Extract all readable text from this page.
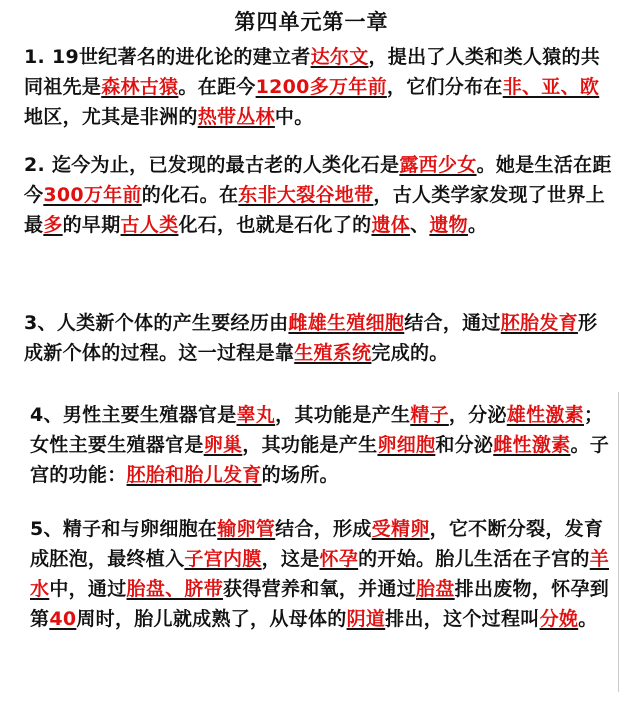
第四单元第一章
1. 19世纪著名的进化论的建立者达尔文，提出了人类和类人猿的共同祖先是森林古猿。在距今1200多万年前，它们分布在非、亚、欧地区，尤其是非洲的热带丛林中。
2. 迄今为止，已发现的最古老的人类化石是露西少女。她是生活在距今300万年前的化石。在东非大裂谷地带，古人类学家发现了世界上最多的早期古人类化石，也就是石化了的遗体、遗物。
3、人类新个体的产生要经历由雌雄生殖细胞结合，通过胚胎发育形成新个体的过程。这一过程是靠生殖系统完成的。
4、男性主要生殖器官是睾丸，其功能是产生精子，分泌雄性激素；女性主要生殖器官是卵巢，其功能是产生卵细胞和分泌雌性激素。子宫的功能：胚胎和胎儿发育的场所。
5、精子和与卵细胞在输卵管结合，形成受精卵，它不断分裂，发育成胚泡，最终植入子宫内膜，这是怀孕的开始。胎儿生活在子宫的羊水中，通过胎盘、脐带获得营养和氧，并通过胎盘排出废物，怀孕到第40周时，胎儿就成熟了，从母体的阴道排出，这个过程叫分娩。
